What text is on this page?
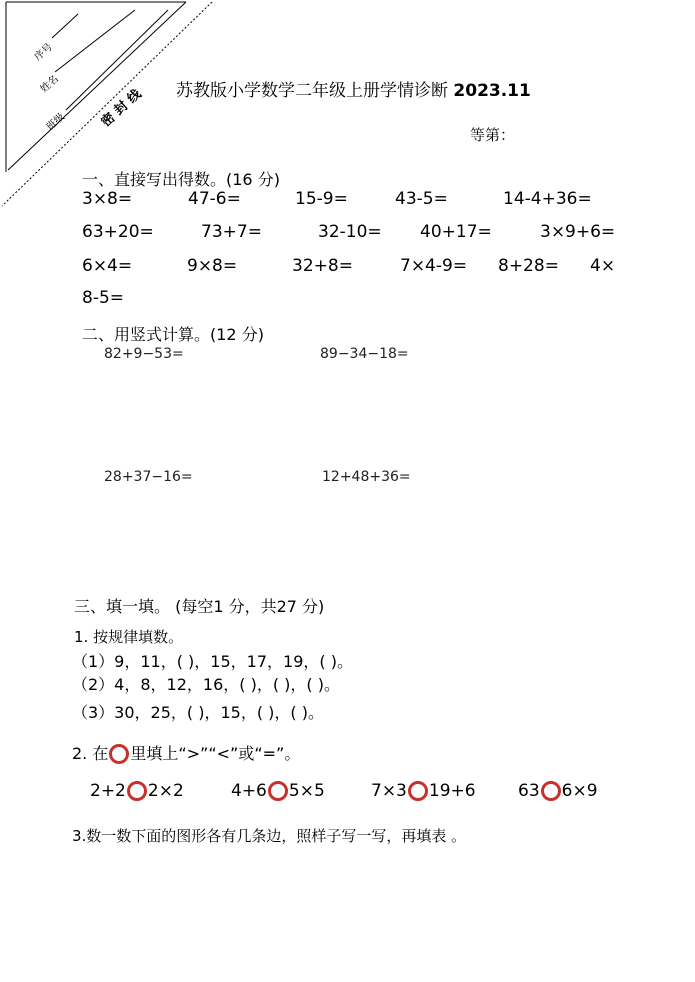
序号
姓名
班级 密 封 线 苏教版小学数学二年级上册学情诊断 2023.11
等第：
一、直接写出得数。(16 分)
3×8=	47-6=	15-9=	43-5=	14-4+36=
63+20=	73+7=	32-10= 40+17=	3×9+6=
6×4=	9×8=	32+8=	7×4-9= 8+28= 4×
8-5=
二、用竖式计算。(12 分)
82+9−53=	89−34−18=
28+37−16=	12+48+36=
三、填一填。 (每空1 分，共27 分)
1. 按规律填数。
（1）9，11，( )，15，17，19，( )。
（2）4，8，12，16，( )，( )，( )。
（3）30，25，( )，15，( )，( )。
2. 在 里填上“>”“<”或“=”。
2+2 2×2	4+6 5×5	7×3 19+6 63 6×9
3.数一数下面的图形各有几条边，照样子写一写，再填表 。
